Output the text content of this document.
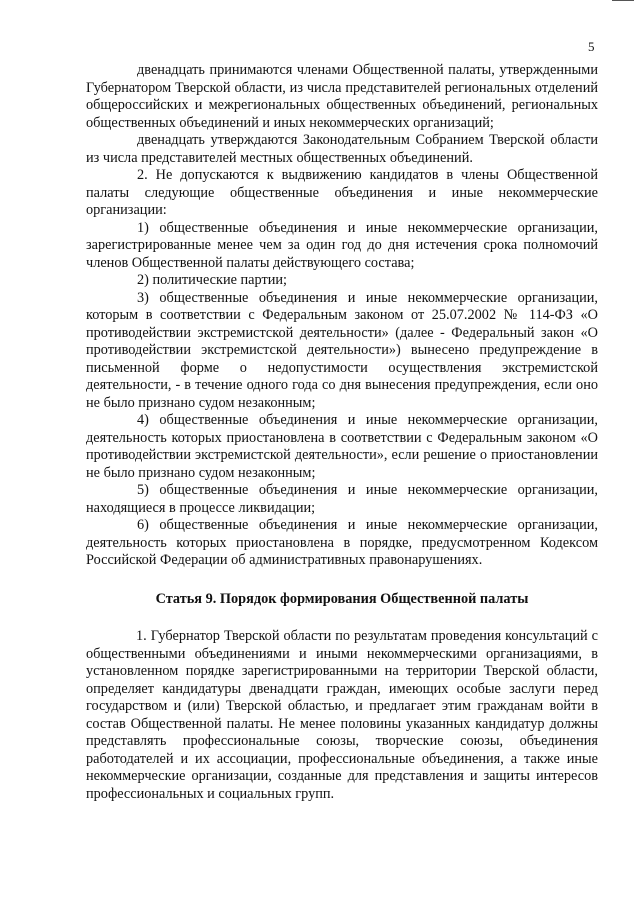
5

двенадцать принимаются членами Общественной палаты, утвержденными Губернатором Тверской области, из числа представителей региональных отделений общероссийских и межрегиональных общественных объединений, региональных общественных объединений и иных некоммерческих организаций;

двенадцать утверждаются Законодательным Собранием Тверской области из числа представителей местных общественных объединений.

2. Не допускаются к выдвижению кандидатов в члены Общественной палаты следующие общественные объединения и иные некоммерческие организации:

1) общественные объединения и иные некоммерческие организации, зарегистрированные менее чем за один год до дня истечения срока полномочий членов Общественной палаты действующего состава;

2) политические партии;

3) общественные объединения и иные некоммерческие организации, которым в соответствии с Федеральным законом от 25.07.2002 № 114-ФЗ «О противодействии экстремистской деятельности» (далее - Федеральный закон «О противодействии экстремистской деятельности») вынесено предупреждение в письменной форме о недопустимости осуществления экстремистской деятельности, - в течение одного года со дня вынесения предупреждения, если оно не было признано судом незаконным;

4) общественные объединения и иные некоммерческие организации, деятельность которых приостановлена в соответствии с Федеральным законом «О противодействии экстремистской деятельности», если решение о приостановлении не было признано судом незаконным;

5) общественные объединения и иные некоммерческие организации, находящиеся в процессе ликвидации;

6) общественные объединения и иные некоммерческие организации, деятельность которых приостановлена в порядке, предусмотренном Кодексом Российской Федерации об административных правонарушениях.

Статья 9. Порядок формирования Общественной палаты

1. Губернатор Тверской области по результатам проведения консультаций с общественными объединениями и иными некоммерческими организациями, в установленном порядке зарегистрированными на территории Тверской области, определяет кандидатуры двенадцати граждан, имеющих особые заслуги перед государством и (или) Тверской областью, и предлагает этим гражданам войти в состав Общественной палаты. Не менее половины указанных кандидатур должны представлять профессиональные союзы, творческие союзы, объединения работодателей и их ассоциации, профессиональные объединения, а также иные некоммерческие организации, созданные для представления и защиты интересов профессиональных и социальных групп.
